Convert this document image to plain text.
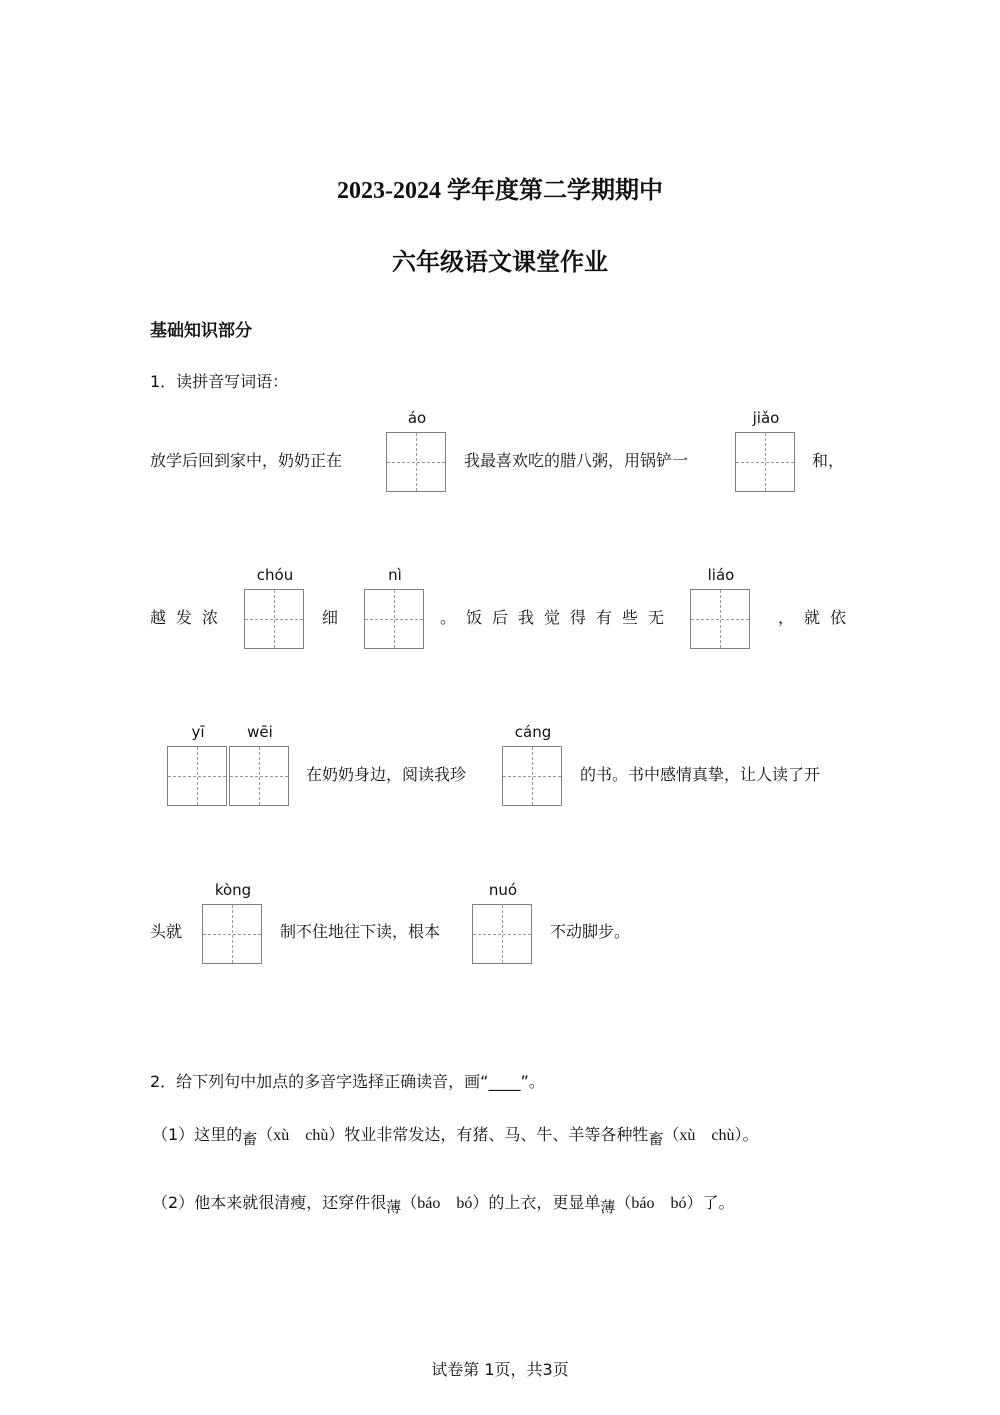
2023-2024 学年度第二学期期中
六年级语文课堂作业
基础知识部分
1．读拼音写词语：
放学后回到家中，奶奶正在
áo
我最喜欢吃的腊八粥，用锅铲一
jiǎo
和，
越发浓
chóu
细
nì
。饭后我觉得有些无
liáo
，就依
yī	wēi
在奶奶身边，阅读我珍
cáng
的书。书中感情真挚，让人读了开
头就
kòng
制不住地往下读，根本
nuó
不动脚步。
2．给下列句中加点的多音字选择正确读音，画“____”。
（1）这里的畜（xù　chù）牧业非常发达，有猪、马、牛、羊等各种牲畜（xù　chù）。
（2）他本来就很清瘦，还穿件很薄（báo　bó）的上衣，更显单薄（báo　bó）了。
试卷第 1页，共3页
